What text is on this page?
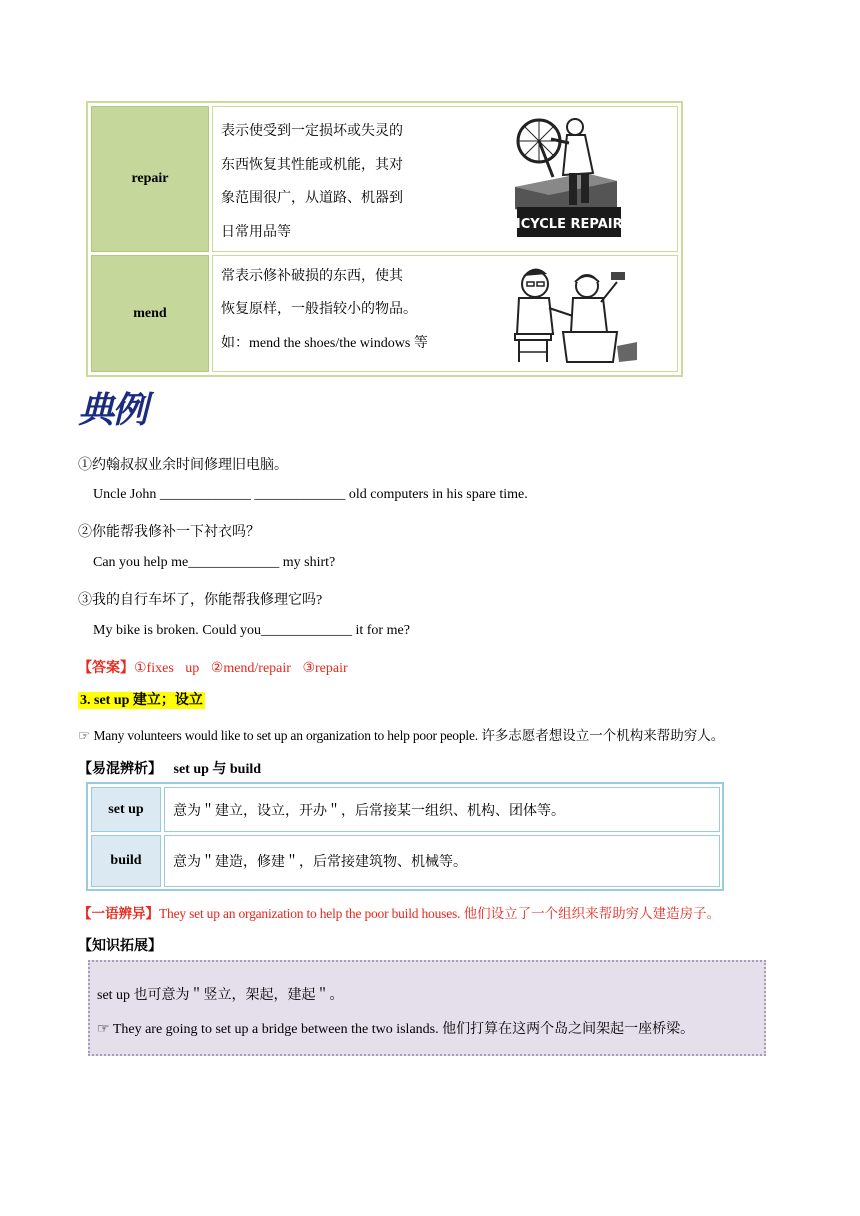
repair
表示使受到一定损坏或失灵的
东西恢复其性能或机能，其对
象范围很广，从道路、机器到
日常用品等
BICYCLE REPAIRS
mend
常表示修补破损的东西，使其
恢复原样，一般指较小的物品。
如：mend the shoes/the windows 等
典例
①约翰叔叔业余时间修理旧电脑。
Uncle John _____________ _____________ old computers in his spare time.
②你能帮我修补一下衬衣吗？
Can you help me_____________ my shirt?
③我的自行车坏了，你能帮我修理它吗?
My bike is broken. Could you_____________ it for me?
【答案】①fixes up ②mend/repair ③repair
3. set up 建立；设立
☞ Many volunteers would like to set up an organization to help poor people. 许多志愿者想设立一个机构来帮助穷人。
【易混辨析】 set up 与 build
set up	意为＂建立，设立，开办＂，后常接某一组织、机构、团体等。
build	意为＂建造，修建＂，后常接建筑物、机械等。
【一语辨异】They set up an organization to help the poor build houses. 他们设立了一个组织来帮助穷人建造房子。
【知识拓展】
set up 也可意为＂竖立，架起，建起＂。
☞ They are going to set up a bridge between the two islands. 他们打算在这两个岛之间架起一座桥梁。
